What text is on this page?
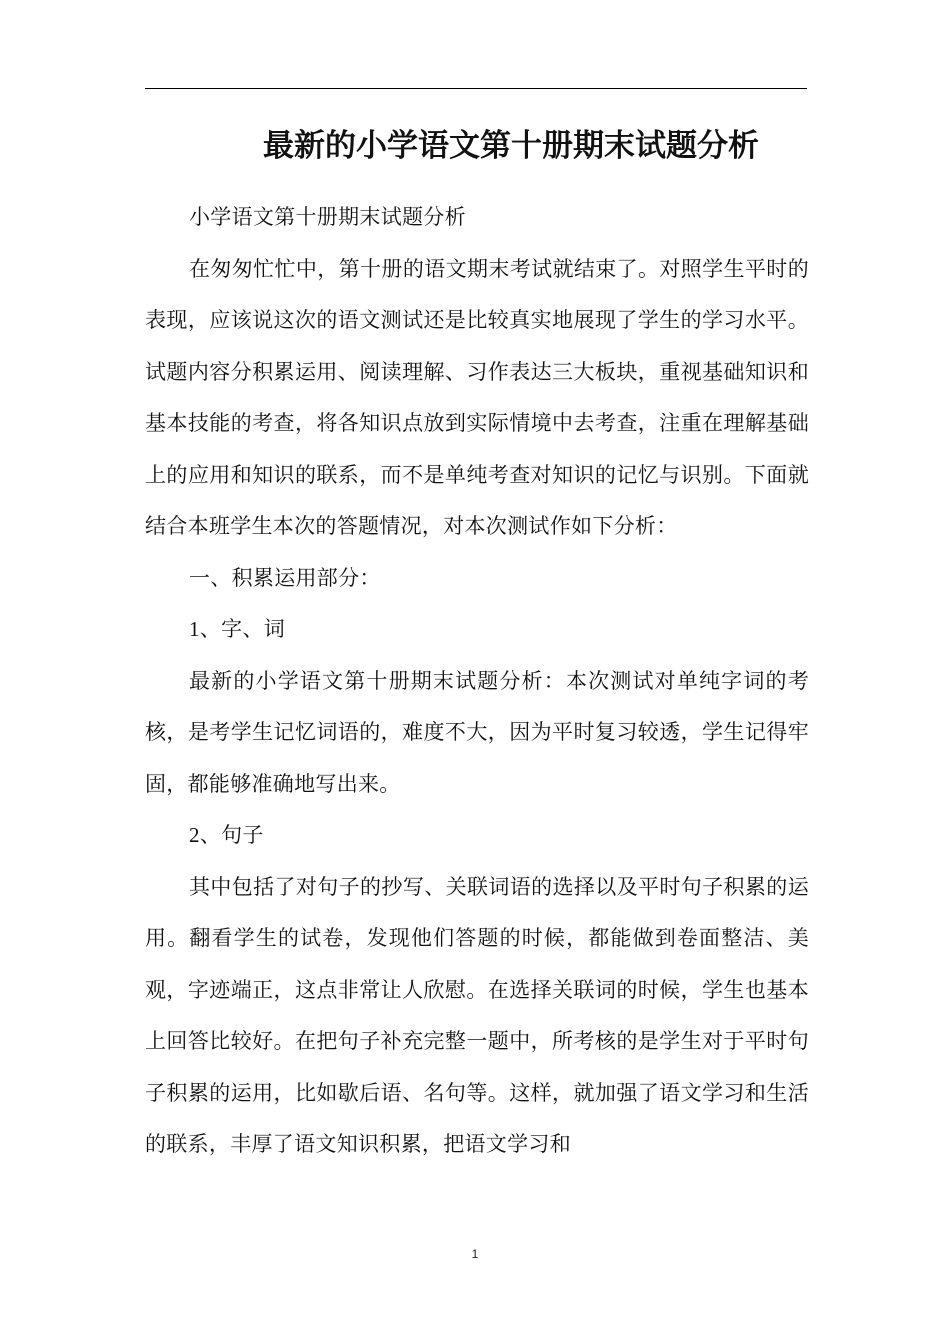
最新的小学语文第十册期末试题分析

小学语文第十册期末试题分析

在匆匆忙忙中，第十册的语文期末考试就结束了。对照学生平时的表现，应该说这次的语文测试还是比较真实地展现了学生的学习水平。试题内容分积累运用、阅读理解、习作表达三大板块，重视基础知识和基本技能的考查，将各知识点放到实际情境中去考查，注重在理解基础上的应用和知识的联系，而不是单纯考查对知识的记忆与识别。下面就结合本班学生本次的答题情况，对本次测试作如下分析：

一、积累运用部分：

1、字、词

最新的小学语文第十册期末试题分析：本次测试对单纯字词的考核，是考学生记忆词语的，难度不大，因为平时复习较透，学生记得牢固，都能够准确地写出来。

2、句子

其中包括了对句子的抄写、关联词语的选择以及平时句子积累的运用。翻看学生的试卷，发现他们答题的时候，都能做到卷面整洁、美观，字迹端正，这点非常让人欣慰。在选择关联词的时候，学生也基本上回答比较好。在把句子补充完整一题中，所考核的是学生对于平时句子积累的运用，比如歇后语、名句等。这样，就加强了语文学习和生活的联系，丰厚了语文知识积累，把语文学习和

1
